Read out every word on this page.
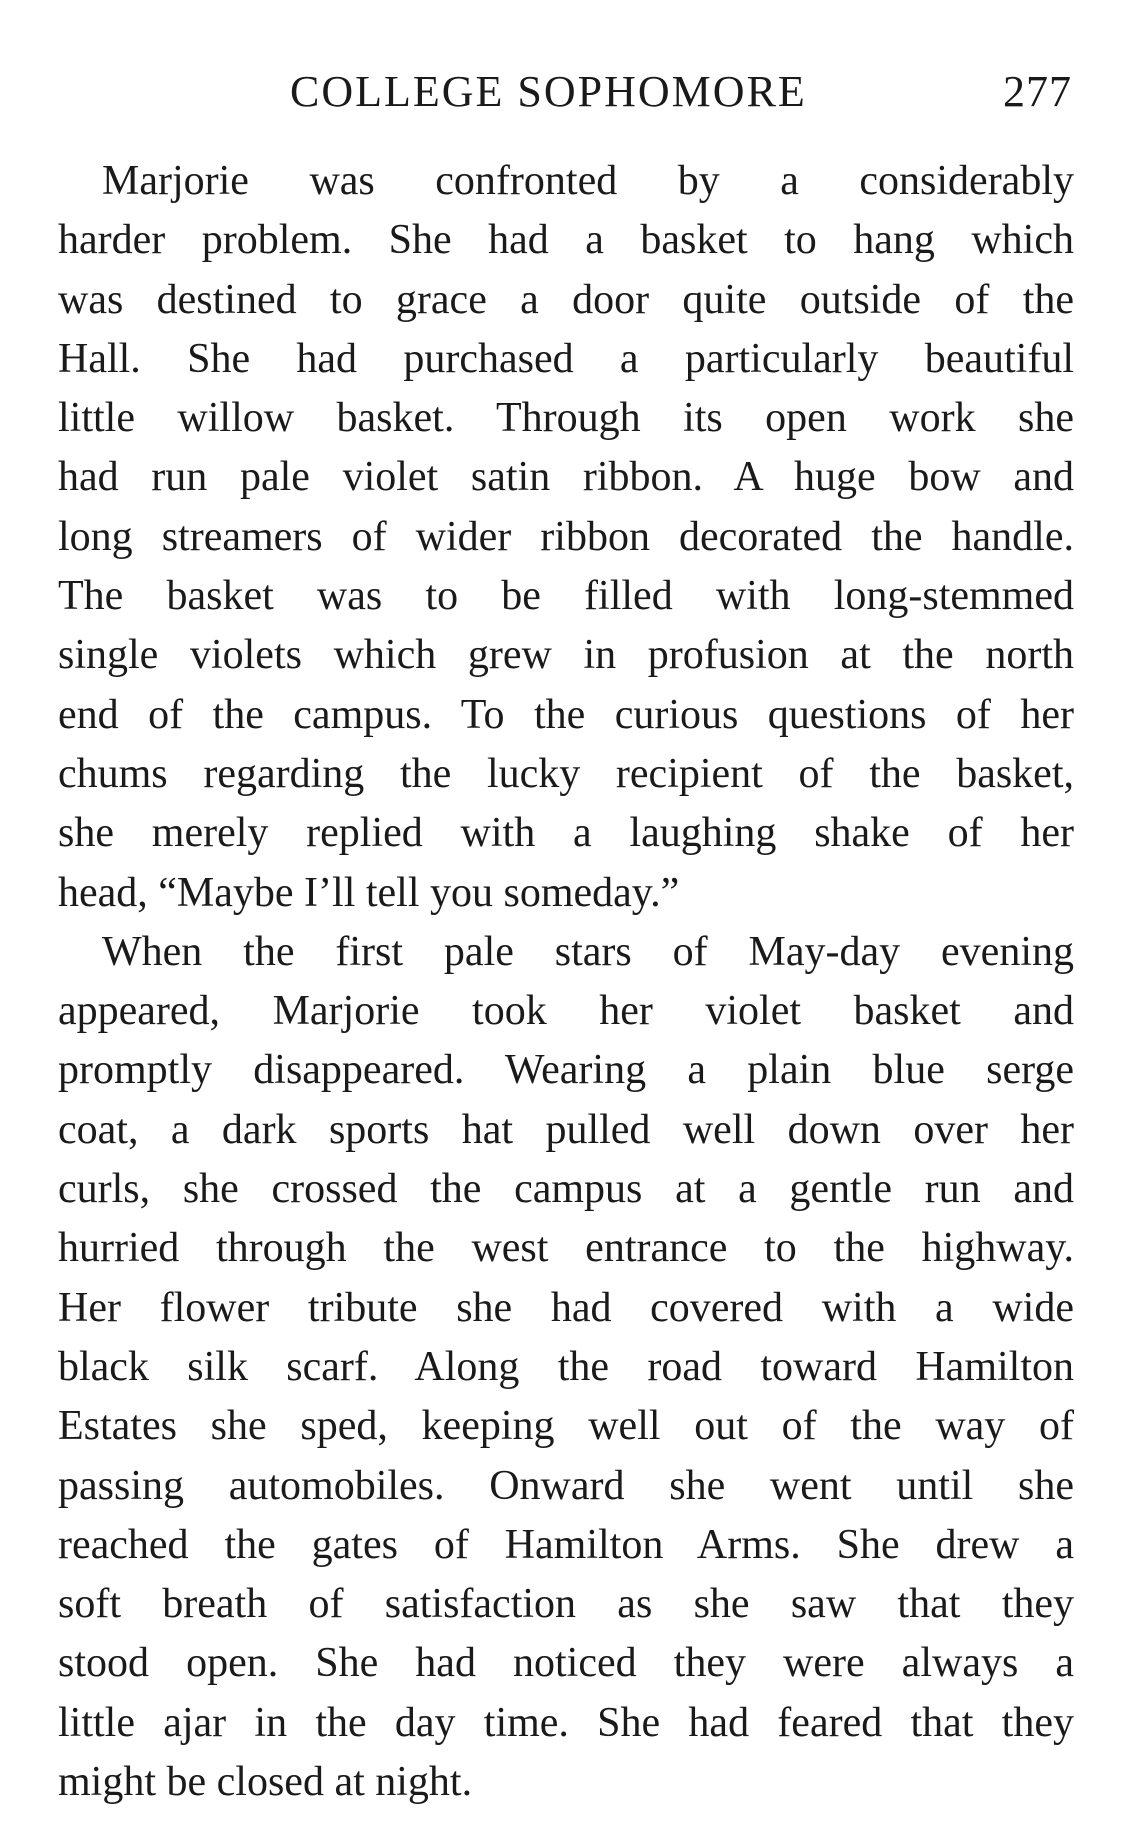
COLLEGE SOPHOMORE	277

Marjorie was confronted by a considerably
harder problem. She had a basket to hang which
was destined to grace a door quite outside of the
Hall. She had purchased a particularly beautiful
little willow basket. Through its open work she
had run pale violet satin ribbon. A huge bow and
long streamers of wider ribbon decorated the handle.
The basket was to be filled with long-stemmed
single violets which grew in profusion at the north
end of the campus. To the curious questions of her
chums regarding the lucky recipient of the basket,
she merely replied with a laughing shake of her
head, “Maybe I’ll tell you someday.”

When the first pale stars of May-day evening
appeared, Marjorie took her violet basket and
promptly disappeared. Wearing a plain blue serge
coat, a dark sports hat pulled well down over her
curls, she crossed the campus at a gentle run and
hurried through the west entrance to the highway.
Her flower tribute she had covered with a wide
black silk scarf. Along the road toward Hamilton
Estates she sped, keeping well out of the way of
passing automobiles. Onward she went until she
reached the gates of Hamilton Arms. She drew a
soft breath of satisfaction as she saw that they
stood open. She had noticed they were always a
little ajar in the day time. She had feared that they
might be closed at night.
